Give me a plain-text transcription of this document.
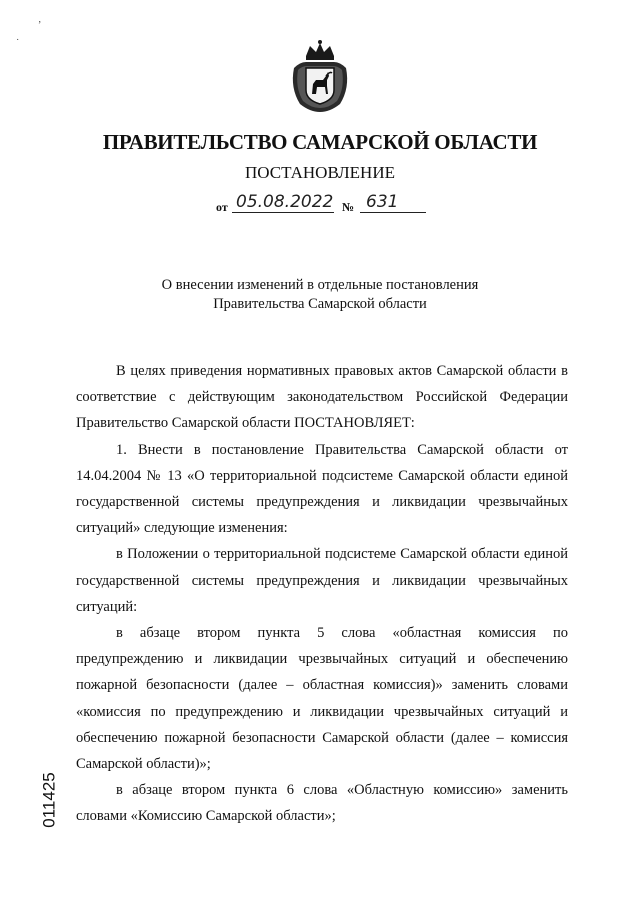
‚
˙
ПРАВИТЕЛЬСТВО САМАРСКОЙ ОБЛАСТИ
ПОСТАНОВЛЕНИЕ
от 05.08.2022 № 631
О внесении изменений в отдельные постановления
Правительства Самарской области

В целях приведения нормативных правовых актов Самарской области в соответствие с действующим законодательством Российской Федерации Правительство Самарской области ПОСТАНОВЛЯЕТ:

1. Внести в постановление Правительства Самарской области от 14.04.2004 № 13 «О территориальной подсистеме Самарской области единой государственной системы предупреждения и ликвидации чрезвычайных ситуаций» следующие изменения:

в Положении о территориальной подсистеме Самарской области единой государственной системы предупреждения и ликвидации чрезвычайных ситуаций:

в абзаце втором пункта 5 слова «областная комиссия по предупреждению и ликвидации чрезвычайных ситуаций и обеспечению пожарной безопасности (далее – областная комиссия)» заменить словами «комиссия по предупреждению и ликвидации чрезвычайных ситуаций и обеспечению пожарной безопасности Самарской области (далее – комиссия Самарской области)»;

в абзаце втором пункта 6 слова «Областную комиссию» заменить словами «Комиссию Самарской области»;

011425
